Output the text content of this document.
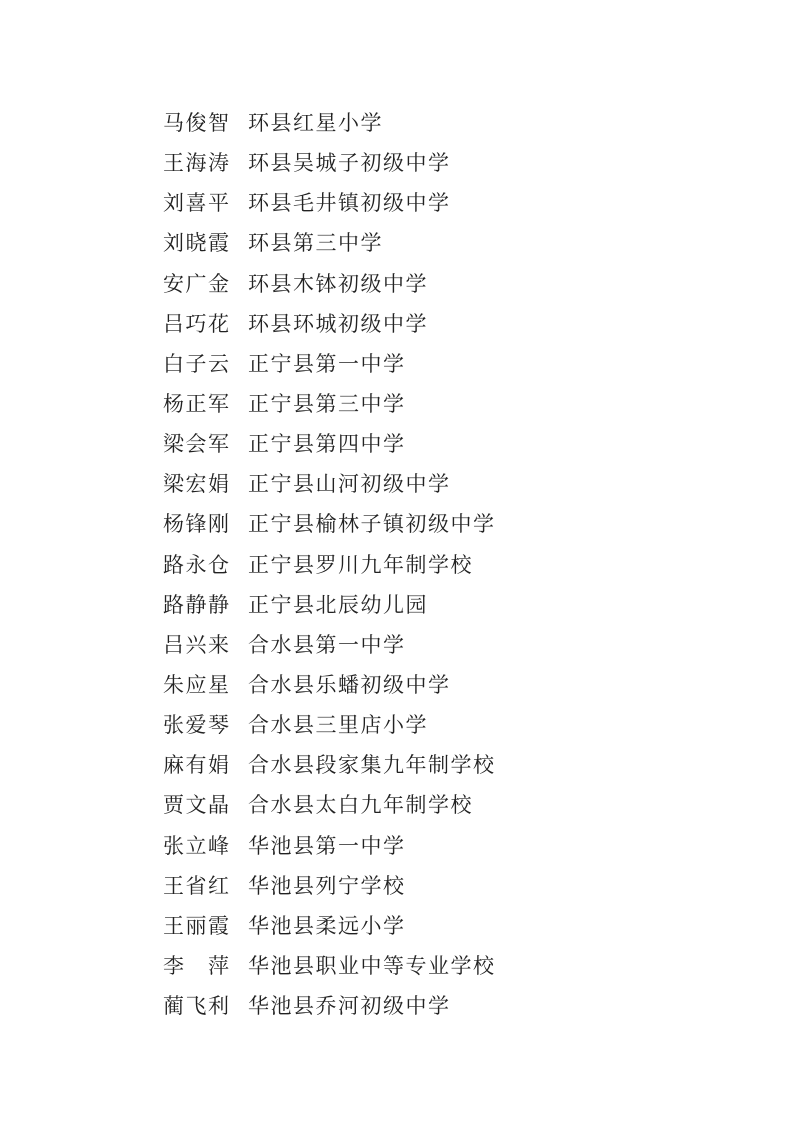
马俊智 环县红星小学
王海涛 环县吴城子初级中学
刘喜平 环县毛井镇初级中学
刘晓霞 环县第三中学
安广金 环县木钵初级中学
吕巧花 环县环城初级中学
白子云 正宁县第一中学
杨正军 正宁县第三中学
梁会军 正宁县第四中学
梁宏娟 正宁县山河初级中学
杨锋刚 正宁县榆林子镇初级中学
路永仓 正宁县罗川九年制学校
路静静 正宁县北辰幼儿园
吕兴来 合水县第一中学
朱应星 合水县乐蟠初级中学
张爱琴 合水县三里店小学
麻有娟 合水县段家集九年制学校
贾文晶 合水县太白九年制学校
张立峰 华池县第一中学
王省红 华池县列宁学校
王丽霞 华池县柔远小学
李　萍 华池县职业中等专业学校
蔺飞利 华池县乔河初级中学
